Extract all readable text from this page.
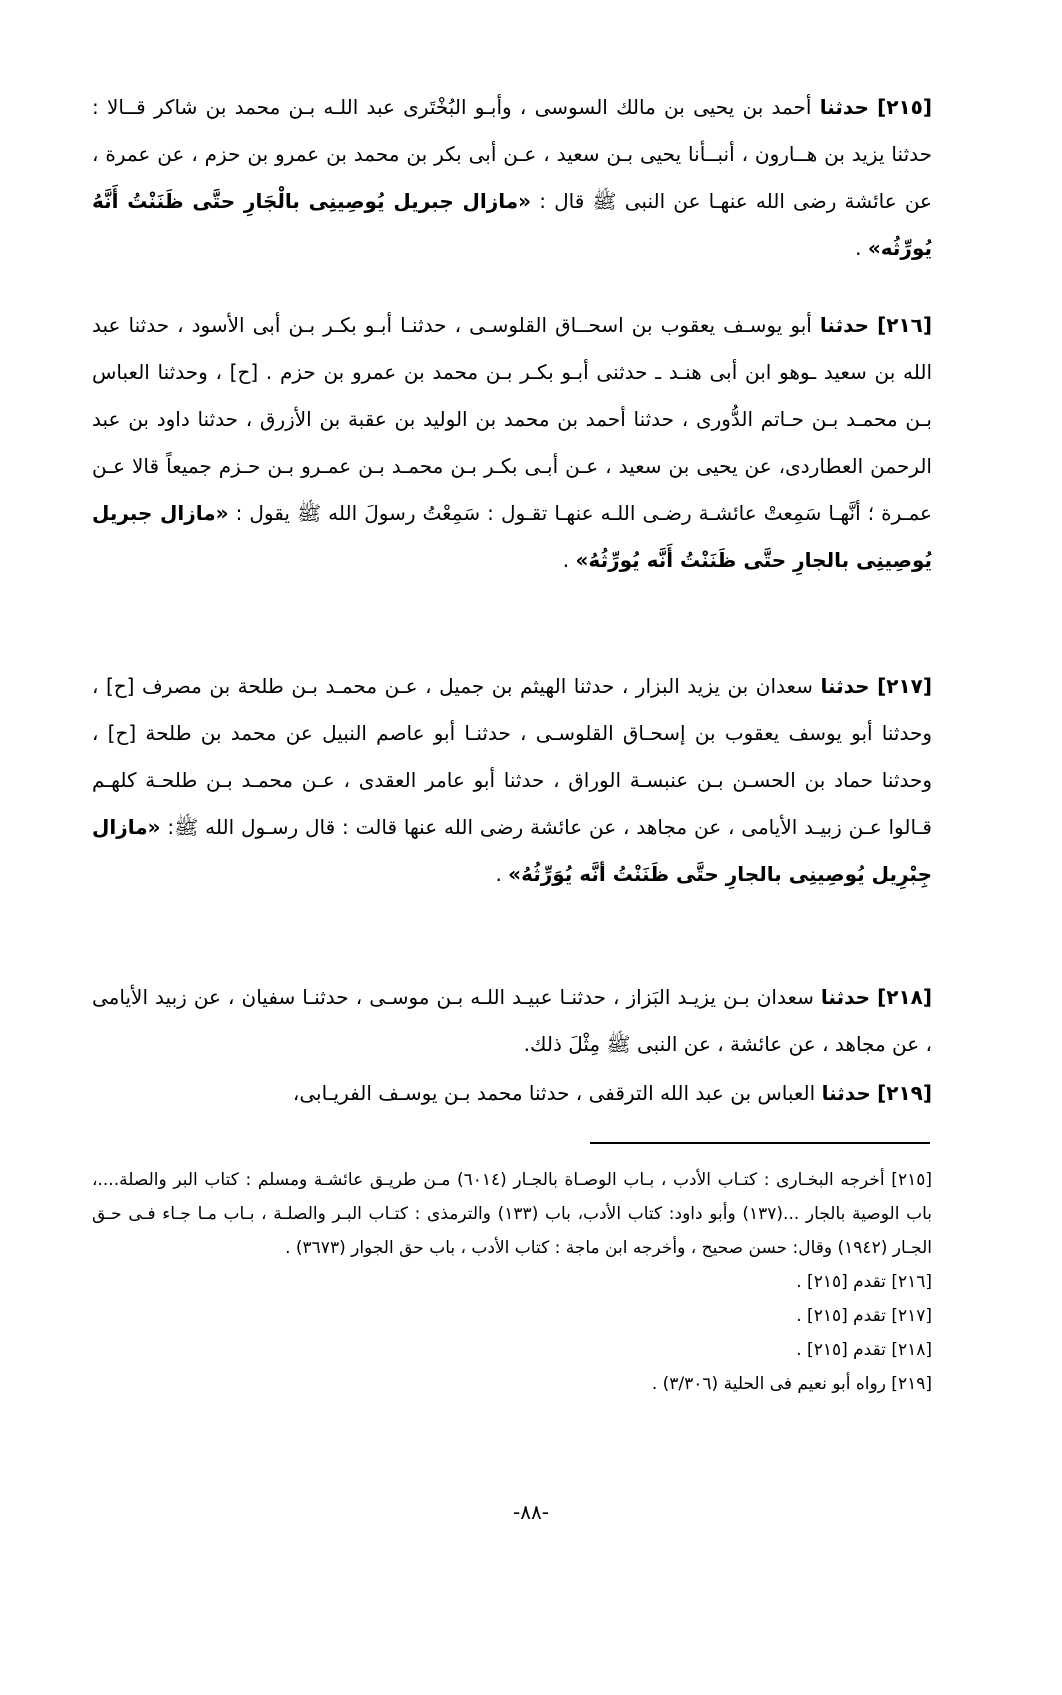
[٢١٥] حدثنا أحمد بن يحيى بن مالك السوسى ، وأبـو البُخْتَرى عبد اللـه بـن محمد بن شاكر قــالا : حدثنا يزيد بن هــارون ، أنبــأنا يحيى بـن سعيد ، عـن أبى بكر بن محمد بن عمرو بن حزم ، عن عمرة ، عن عائشة رضى الله عنهـا عن النبى ﷺ قال : «مازال جبريل يُوصِينِى بالْجَارِ حتَّى ظَنَنْتُ أَنَّهُ يُورِّثُه» .
[٢١٦] حدثنا أبو يوسـف يعقوب بن اسحــاق القلوسـى ، حدثنـا أبـو بكـر بـن أبى الأسود ، حدثنا عبد الله بن سعيد ـوهو ابن أبى هنـد ـ حدثنى أبـو بكـر بـن محمد بن عمرو بن حزم . [ح] ، وحدثنا العباس بـن محمـد بـن حـاتم الدُّورى ، حدثنا أحمد بن محمد بن الوليد بن عقبة بن الأزرق ، حدثنا داود بن عبد الرحمن العطاردى، عن يحيى بن سعيد ، عـن أبـى بكـر بـن محمـد بـن عمـرو بـن حـزم جميعاً قالا عـن عمـرة ؛ أنَّهـا سَمِعتْ عائشـة رضـى اللـه عنهـا تقـول : سَمِعْتُ رسولَ الله ﷺ يقول : «مازال جبريل يُوصِينِى بالجارِ حتَّى ظَنَنْتُ أَنَّه يُورِّثُهُ» .
[٢١٧] حدثنا سعدان بن يزيد البزار ، حدثنا الهيثم بن جميل ، عـن محمـد بـن طلحة بن مصرف [ح] ، وحدثنا أبو يوسف يعقوب بن إسحـاق القلوسـى ، حدثنـا أبو عاصم النبيل عن محمد بن طلحة [ح] ، وحدثنا حماد بن الحسـن بـن عنبسـة الوراق ، حدثنا أبو عامر العقدى ، عـن محمـد بـن طلحـة كلهـم قـالوا عـن زبيـد الأيامى ، عن مجاهد ، عن عائشة رضى الله عنها قالت : قال رسـول الله ﷺ: «مازال جِبْرِيل يُوصِينِى بالجارِ حتَّى ظَنَنْتُ أنَّه يُوَرِّثُهُ» .
[٢١٨] حدثنا سعدان بـن يزيـد البَزاز ، حدثنـا عبيـد اللـه بـن موسـى ، حدثنـا سفيان ، عن زبيد الأيامى ، عن مجاهد ، عن عائشة ، عن النبى ﷺ مِثْلَ ذلك.
[٢١٩] حدثنا العباس بن عبد الله الترقفى ، حدثنا محمد بـن يوسـف الفريـابى،
[٢١٥] أخرجه البخـارى : كتـاب الأدب ، بـاب الوصـاة بالجـار (٦٠١٤) مـن طريـق عائشـة ومسلم : كتاب البر والصلة....، باب الوصية بالجار ...(١٣٧) وأبو داود: كتاب الأدب، باب (١٣٣) والترمذى : كتـاب البـر والصلـة ، بـاب مـا جـاء فـى حـق الجـار (١٩٤٢) وقال: حسن صحيح ، وأخرجه ابن ماجة : كتاب الأدب ، باب حق الجوار (٣٦٧٣) .
[٢١٦] تقدم [٢١٥] .
[٢١٧] تقدم [٢١٥] .
[٢١٨] تقدم [٢١٥] .
[٢١٩] رواه أبو نعيم فى الحلية (٣/٣٠٦) .
-٨٨-
